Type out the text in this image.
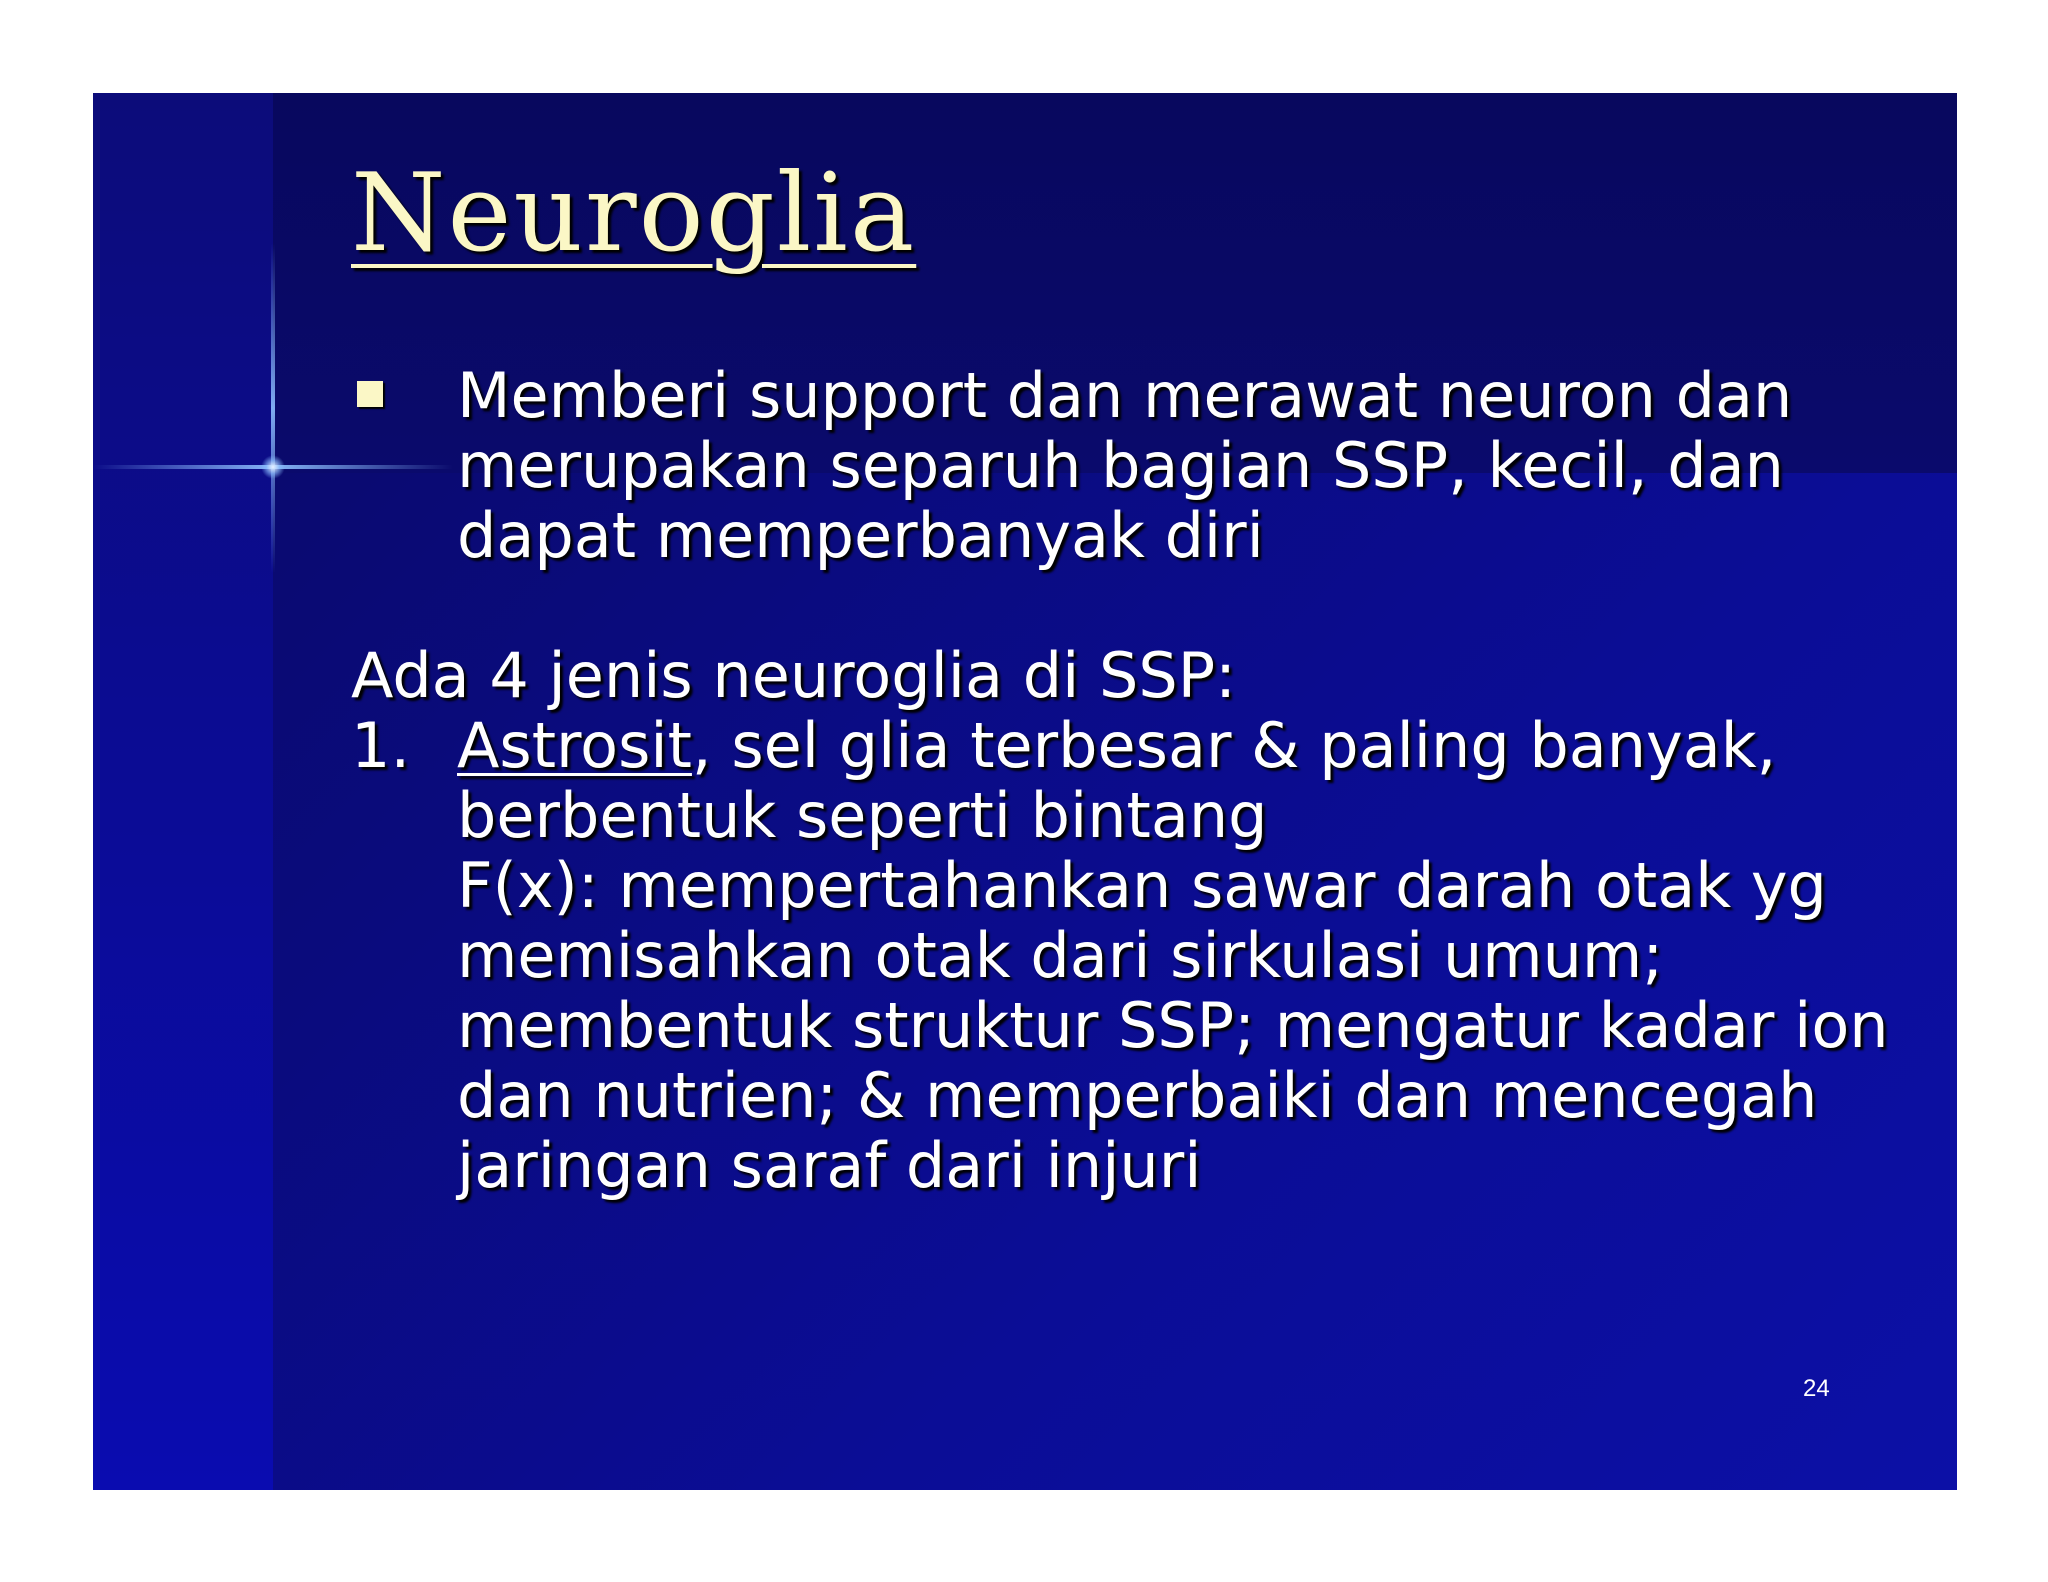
Neuroglia
Memberi support dan merawat neuron dan merupakan separuh bagian SSP, kecil, dan dapat memperbanyak diri
Ada 4 jenis neuroglia di SSP:
1. Astrosit, sel glia terbesar & paling banyak, berbentuk seperti bintang
F(x): mempertahankan sawar darah otak yg memisahkan otak dari sirkulasi umum; membentuk struktur SSP; mengatur kadar ion dan nutrien; & memperbaiki dan mencegah jaringan saraf dari injuri
24
